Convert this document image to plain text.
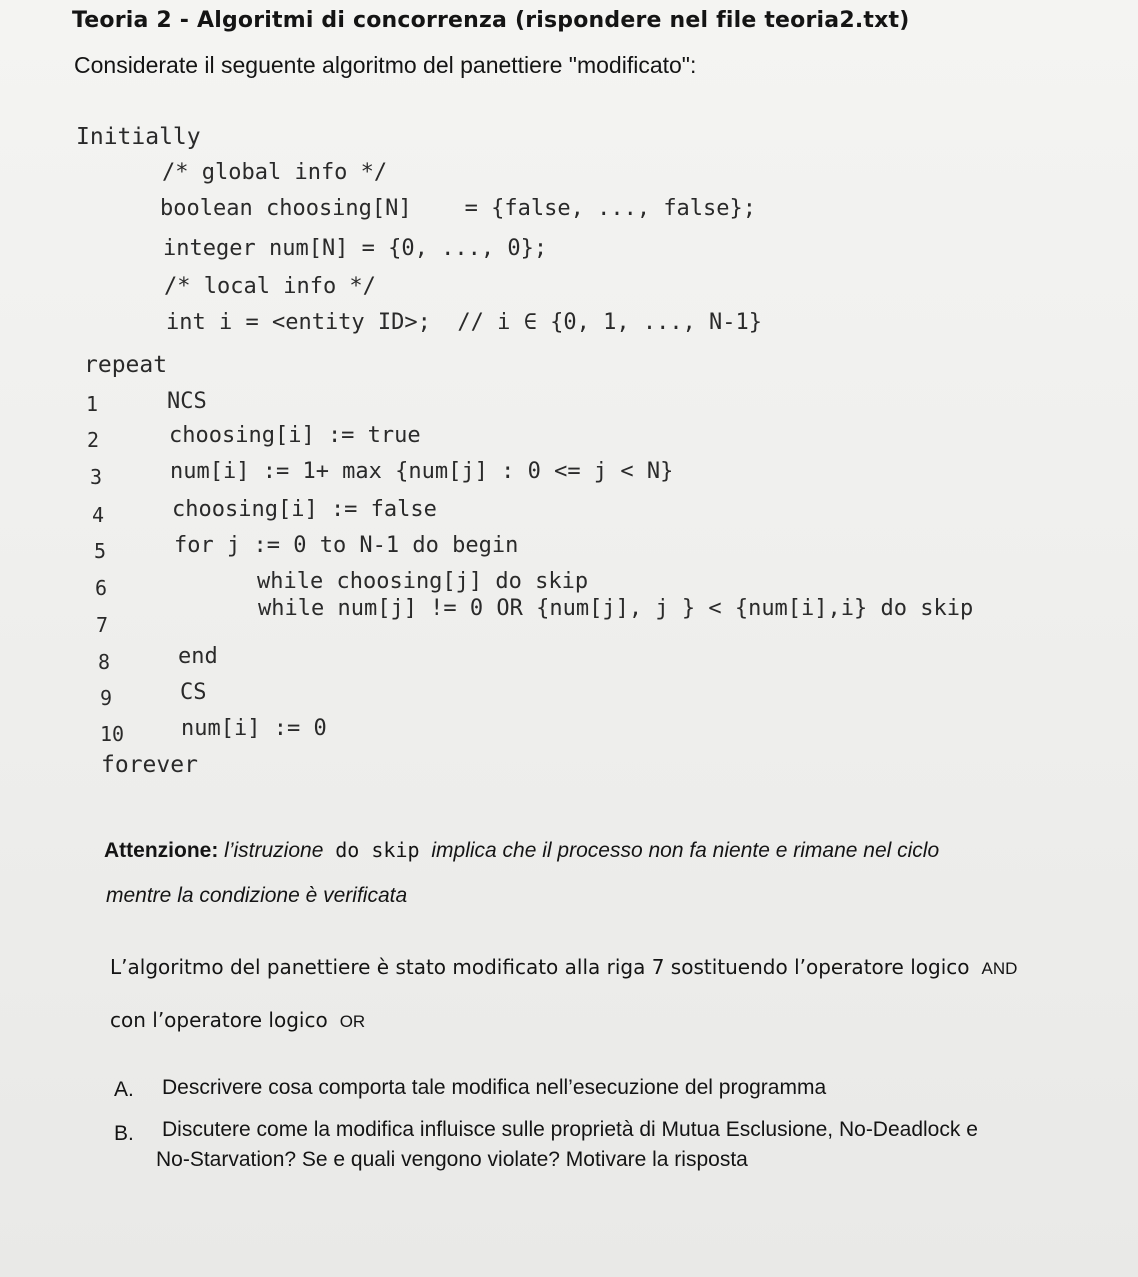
Teoria 2 - Algoritmi di concorrenza (rispondere nel file teoria2.txt)
Considerate il seguente algoritmo del panettiere "modificato":
Initially
/* global info */
boolean choosing[N]    = {false, ..., false};
integer num[N] = {0, ..., 0};
/* local info */
int i = <entity ID>;  // i ∈ {0, 1, ..., N-1}
repeat
1	NCS
2	choosing[i] := true
3	num[i] := 1+ max {num[j] : 0 <= j < N}
4	choosing[i] := false
5	for j := 0 to N-1 do begin
6	while choosing[j] do skip
7
while num[j] != 0 OR {num[j], j } < {num[i],i} do skip
8	end
9	CS
10	num[i] := 0
forever
Attenzione: l’istruzione do skip implica che il processo non fa niente e rimane nel ciclo
mentre la condizione è verificata
L’algoritmo del panettiere è stato modificato alla riga 7 sostituendo l’operatore logico AND
con l’operatore logico OR
A. Descrivere cosa comporta tale modifica nell’esecuzione del programma
B. Discutere come la modifica influisce sulle proprietà di Mutua Esclusione, No-Deadlock e
No-Starvation? Se e quali vengono violate? Motivare la risposta
